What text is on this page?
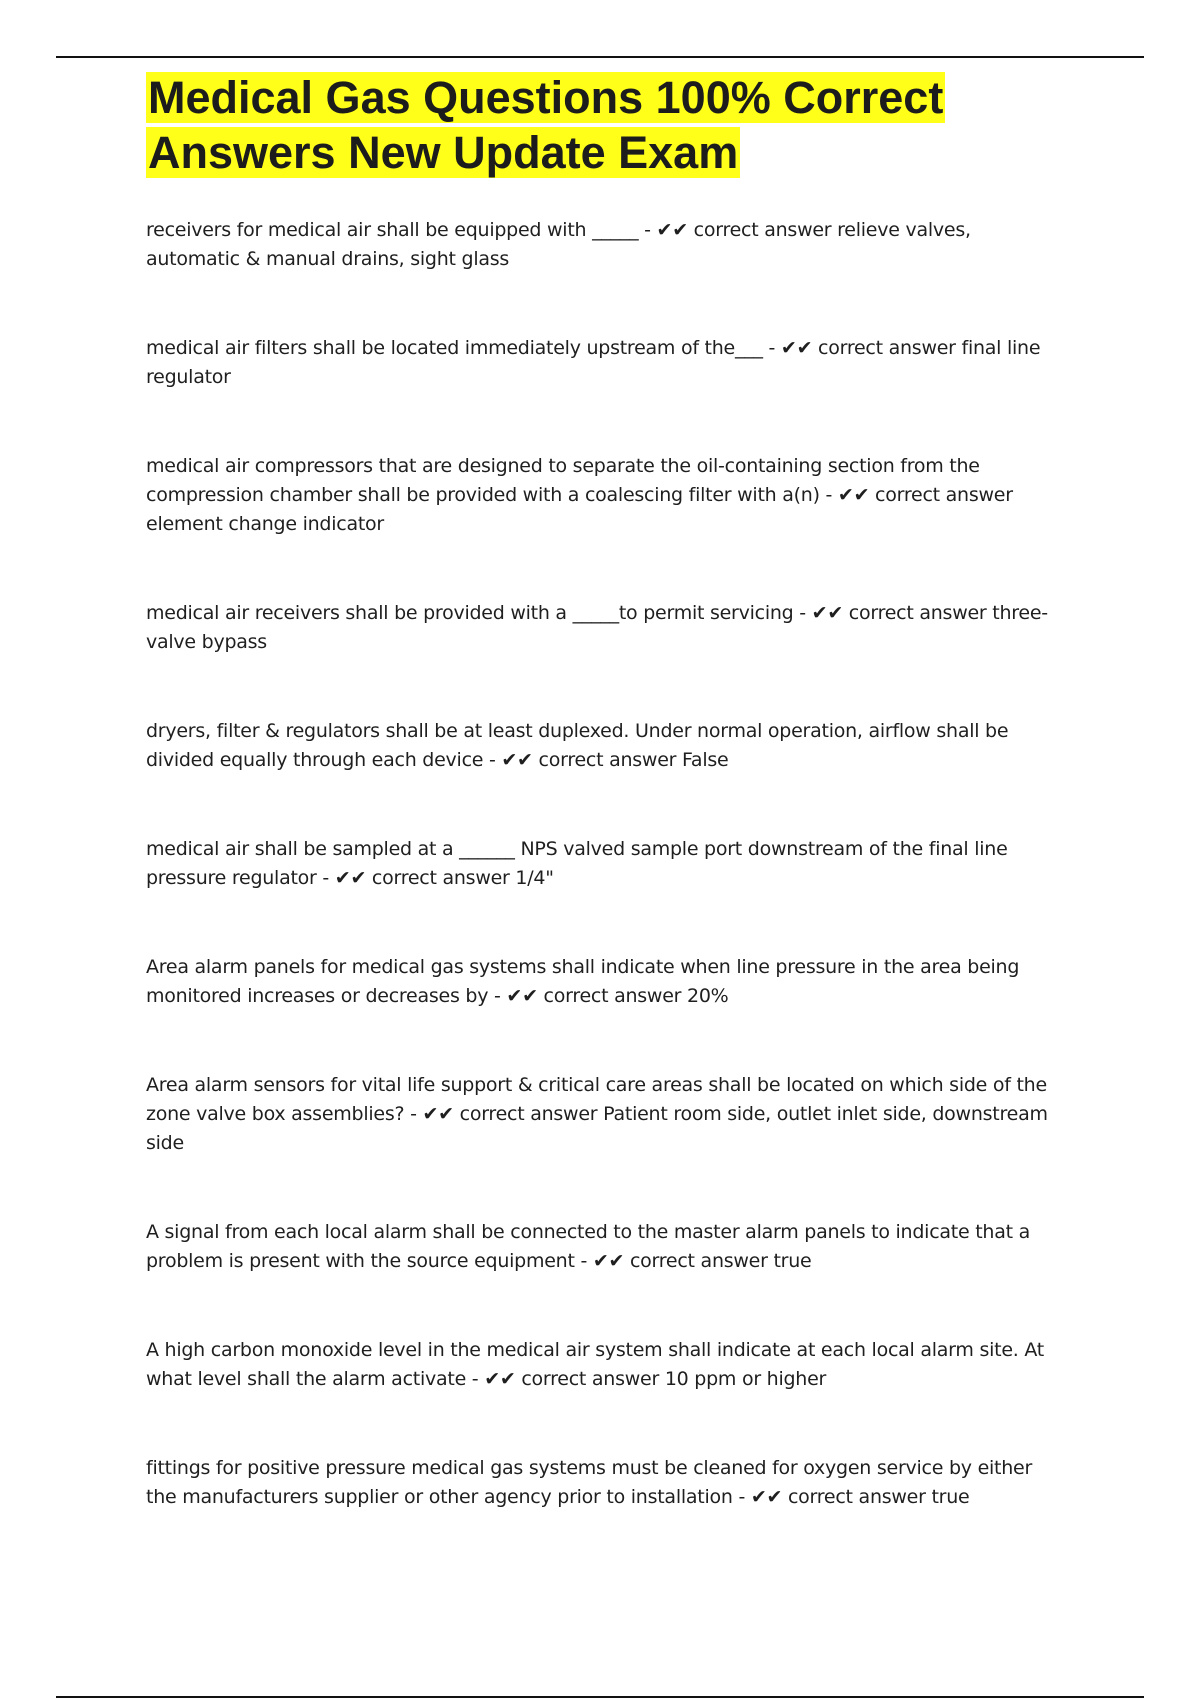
Medical Gas Questions 100% Correct Answers New Update Exam

receivers for medical air shall be equipped with _____ - ✔✔ correct answer relieve valves, automatic & manual drains, sight glass

medical air filters shall be located immediately upstream of the___ - ✔✔ correct answer final line regulator

medical air compressors that are designed to separate the oil-containing section from the compression chamber shall be provided with a coalescing filter with a(n) - ✔✔ correct answer element change indicator

medical air receivers shall be provided with a _____to permit servicing - ✔✔ correct answer three-valve bypass

dryers, filter & regulators shall be at least duplexed. Under normal operation, airflow shall be divided equally through each device - ✔✔ correct answer False

medical air shall be sampled at a ______ NPS valved sample port downstream of the final line pressure regulator - ✔✔ correct answer 1/4"

Area alarm panels for medical gas systems shall indicate when line pressure in the area being monitored increases or decreases by - ✔✔ correct answer 20%

Area alarm sensors for vital life support & critical care areas shall be located on which side of the zone valve box assemblies? - ✔✔ correct answer Patient room side, outlet inlet side, downstream side

A signal from each local alarm shall be connected to the master alarm panels to indicate that a problem is present with the source equipment - ✔✔ correct answer true

A high carbon monoxide level in the medical air system shall indicate at each local alarm site. At what level shall the alarm activate - ✔✔ correct answer 10 ppm or higher

fittings for positive pressure medical gas systems must be cleaned for oxygen service by either the manufacturers supplier or other agency prior to installation - ✔✔ correct answer true
